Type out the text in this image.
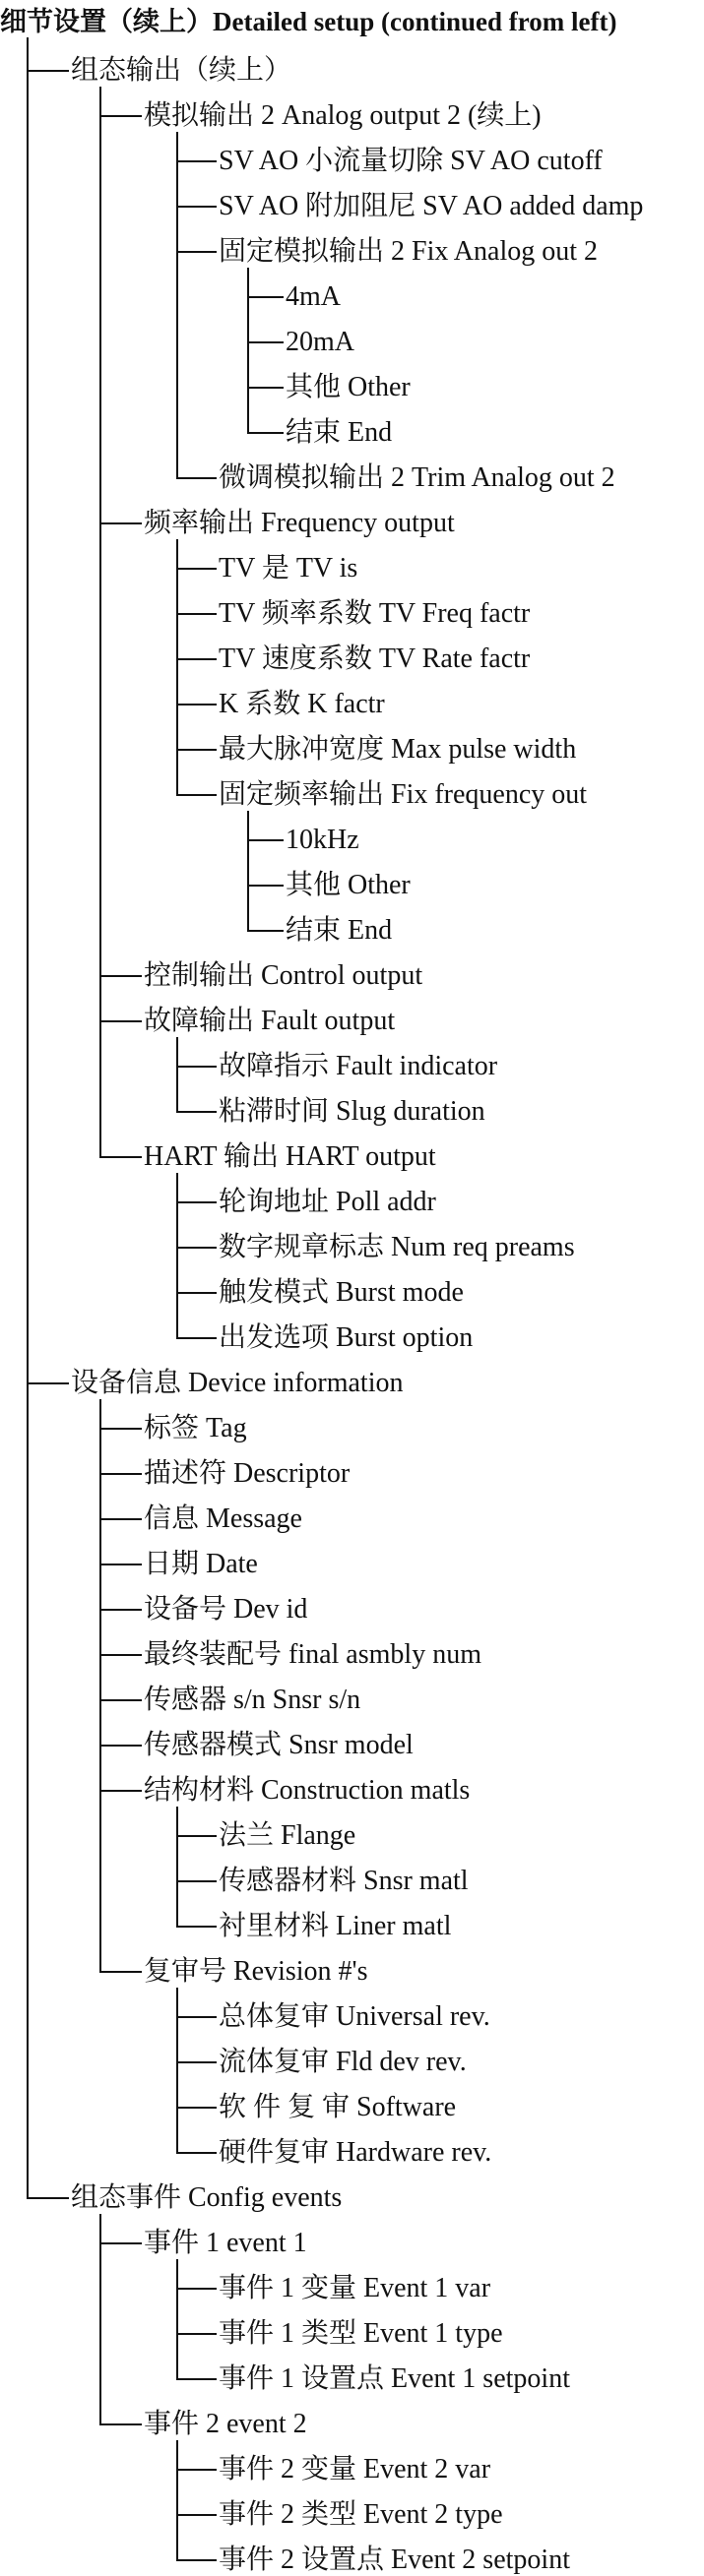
细节设置（续上）Detailed setup (continued from left)
组态输出（续上）
模拟输出 2 Analog output 2 (续上)
SV AO 小流量切除 SV AO cutoff
SV AO 附加阻尼 SV AO added damp
固定模拟输出 2 Fix Analog out 2
4mA
20mA
其他 Other
结束 End
微调模拟输出 2 Trim Analog out 2
频率输出 Frequency output
TV 是 TV is
TV 频率系数 TV Freq factr
TV 速度系数 TV Rate factr
K 系数 K factr
最大脉冲宽度 Max pulse width
固定频率输出 Fix frequency out
10kHz
其他 Other
结束 End
控制输出 Control output
故障输出 Fault output
故障指示 Fault indicator
粘滞时间 Slug duration
HART 输出 HART output
轮询地址 Poll addr
数字规章标志 Num req preams
触发模式 Burst mode
出发选项 Burst option
设备信息 Device information
标签 Tag
描述符 Descriptor
信息 Message
日期 Date
设备号 Dev id
最终装配号 final asmbly num
传感器 s/n Snsr s/n
传感器模式 Snsr model
结构材料 Construction matls
法兰 Flange
传感器材料 Snsr matl
衬里材料 Liner matl
复审号 Revision #'s
总体复审 Universal rev.
流体复审 Fld dev rev.
软 件 复 审 Software
硬件复审 Hardware rev.
组态事件 Config events
事件 1 event 1
事件 1 变量 Event 1 var
事件 1 类型 Event 1 type
事件 1 设置点 Event 1 setpoint
事件 2 event 2
事件 2 变量 Event 2 var
事件 2 类型 Event 2 type
事件 2 设置点 Event 2 setpoint
